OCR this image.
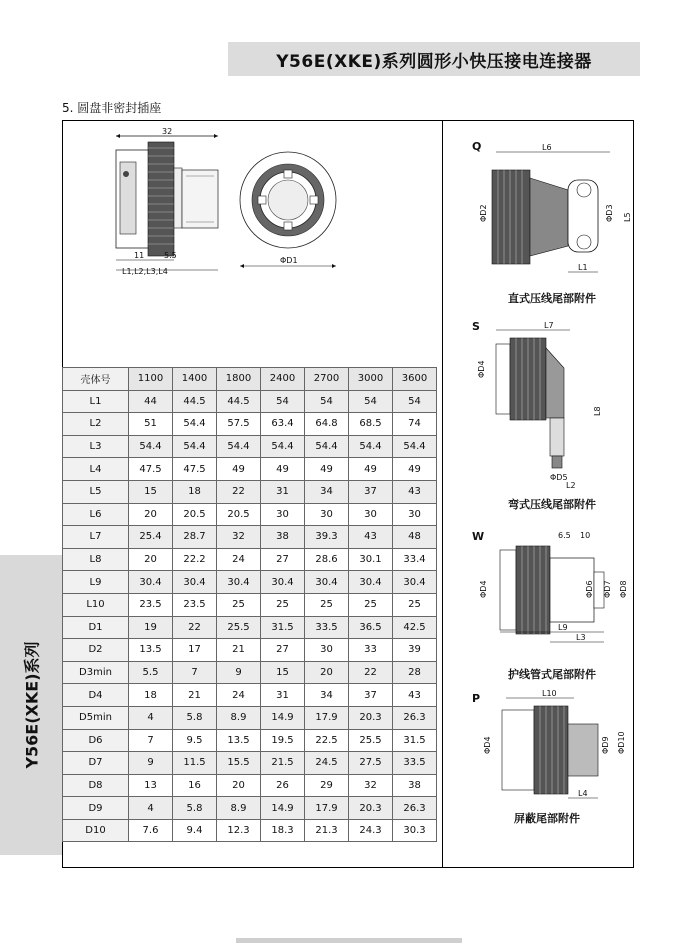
Y56E(XKE)系列圆形小快压接电连接器
5. 圆盘非密封插座
Y56E(XKE)系列
32
11 5.5
L1,L2,L3,L4
ΦD1
Q	L6
ΦD2	ΦD3 L5
L1
直式压线尾部附件
S	L7
ΦD4
L8
ΦD5
L2
弯式压线尾部附件
W	6.5 10
ΦD4	ΦD6 ΦD7 ΦD8
L9
L3
护线管式尾部附件
P	L10
ΦD4	ΦD9 ΦD10
L4
屏蔽尾部附件
壳体号	1100	1400	1800	2400	2700	3000	3600
L1	44	44.5	44.5	54	54	54	54
L2	51	54.4	57.5	63.4	64.8	68.5	74
L3	54.4	54.4	54.4	54.4	54.4	54.4	54.4
L4	47.5	47.5	49	49	49	49	49
L5	15	18	22	31	34	37	43
L6	20	20.5	20.5	30	30	30	30
L7	25.4	28.7	32	38	39.3	43	48
L8	20	22.2	24	27	28.6	30.1	33.4
L9	30.4	30.4	30.4	30.4	30.4	30.4	30.4
L10	23.5	23.5	25	25	25	25	25
D1	19	22	25.5	31.5	33.5	36.5	42.5
D2	13.5	17	21	27	30	33	39
D3min	5.5	7	9	15	20	22	28
D4	18	21	24	31	34	37	43
D5min	4	5.8	8.9	14.9	17.9	20.3	26.3
D6	7	9.5	13.5	19.5	22.5	25.5	31.5
D7	9	11.5	15.5	21.5	24.5	27.5	33.5
D8	13	16	20	26	29	32	38
D9	4	5.8	8.9	14.9	17.9	20.3	26.3
D10	7.6	9.4	12.3	18.3	21.3	24.3	30.3
